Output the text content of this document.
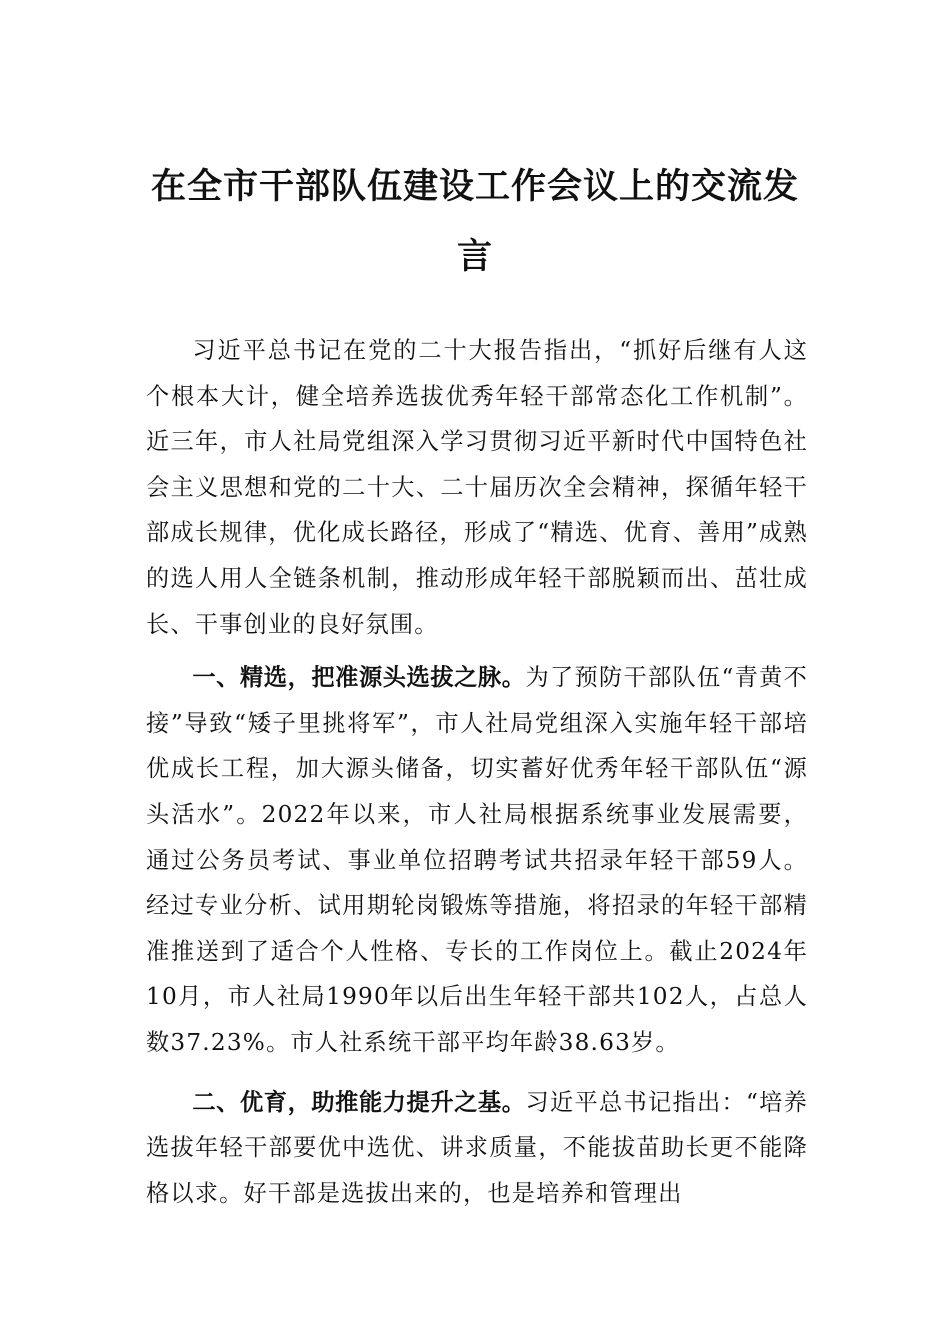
在全市干部队伍建设工作会议上的交流发言

习近平总书记在党的二十大报告指出，“抓好后继有人这个根本大计，健全培养选拔优秀年轻干部常态化工作机制”。近三年，市人社局党组深入学习贯彻习近平新时代中国特色社会主义思想和党的二十大、二十届历次全会精神，探循年轻干部成长规律，优化成长路径，形成了“精选、优育、善用”成熟的选人用人全链条机制，推动形成年轻干部脱颖而出、茁壮成长、干事创业的良好氛围。

一、精选，把准源头选拔之脉。为了预防干部队伍“青黄不接”导致“矮子里挑将军”，市人社局党组深入实施年轻干部培优成长工程，加大源头储备，切实蓄好优秀年轻干部队伍“源头活水”。2022年以来，市人社局根据系统事业发展需要，通过公务员考试、事业单位招聘考试共招录年轻干部59人。经过专业分析、试用期轮岗锻炼等措施，将招录的年轻干部精准推送到了适合个人性格、专长的工作岗位上。截止2024年10月，市人社局1990年以后出生年轻干部共102人，占总人数37.23%。市人社系统干部平均年龄38.63岁。

二、优育，助推能力提升之基。习近平总书记指出：“培养选拔年轻干部要优中选优、讲求质量，不能拔苗助长更不能降格以求。好干部是选拔出来的，也是培养和管理出
